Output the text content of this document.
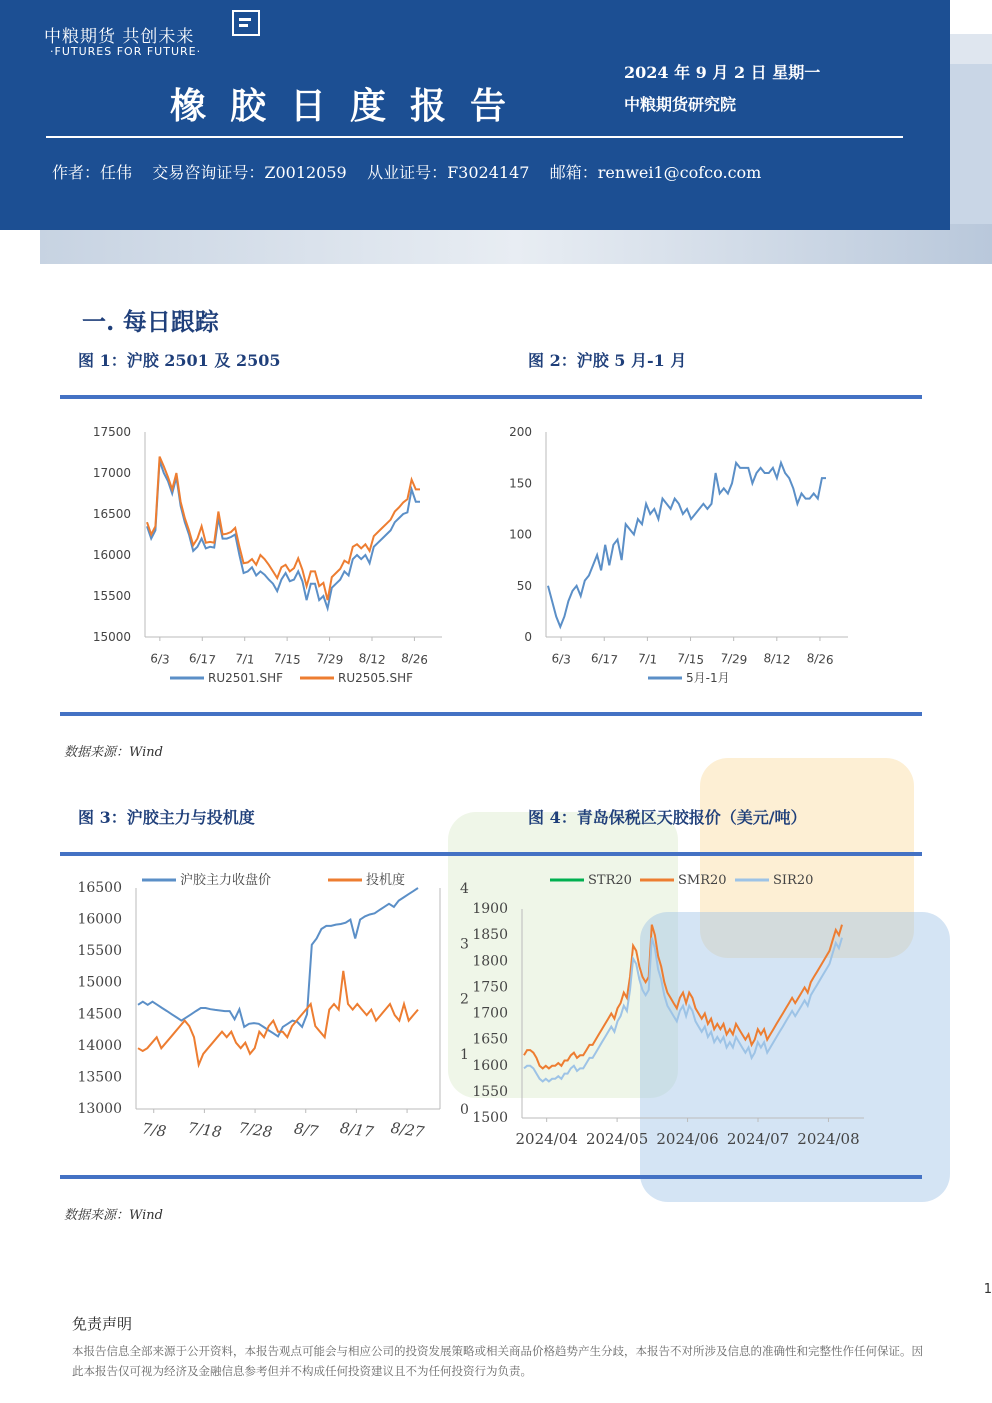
中粮期货 共创未来
·FUTURES FOR FUTURE·
橡胶日度报告
2024 年 9 月 2 日 星期一
中粮期货研究院
作者：任伟    交易咨询证号：Z0012059    从业证号：F3024147    邮箱：renwei1@cofco.com
一. 每日跟踪
图 1：沪胶 2501 及 2505	图 2：沪胶 5 月-1 月
数据来源：Wind
图 3：沪胶主力与投机度	图 4：青岛保税区天胶报价（美元/吨）
数据来源：Wind
15000
15500
16000
16500
17000
17500
6/3 6/17 7/1 7/15 7/29 8/12 8/26
RU2501.SHF	RU2505.SHF
0
50
100
150
200
6/3 6/17 7/1 7/15 7/29 8/12 8/26
5月-1月
13000
13500
14000
14500
15000
15500
16000
16500
0
1
2
3
4
7/8 7/18 7/28 8/7 8/17 8/27
沪胶主力收盘价	投机度
1500
1550
1600
1650
1700
1750
1800
1850
1900
2024/04 2024/05 2024/06 2024/07 2024/08
STR20	SMR20	SIR20
1
免责声明
本报告信息全部来源于公开资料，本报告观点可能会与相应公司的投资发展策略或相关商品价格趋势产生分歧，本报告不对所涉及信息的准确性和完整性作任何保证。因此本报告仅可视为经济及金融信息参考但并不构成任何投资建议且不为任何投资行为负责。
